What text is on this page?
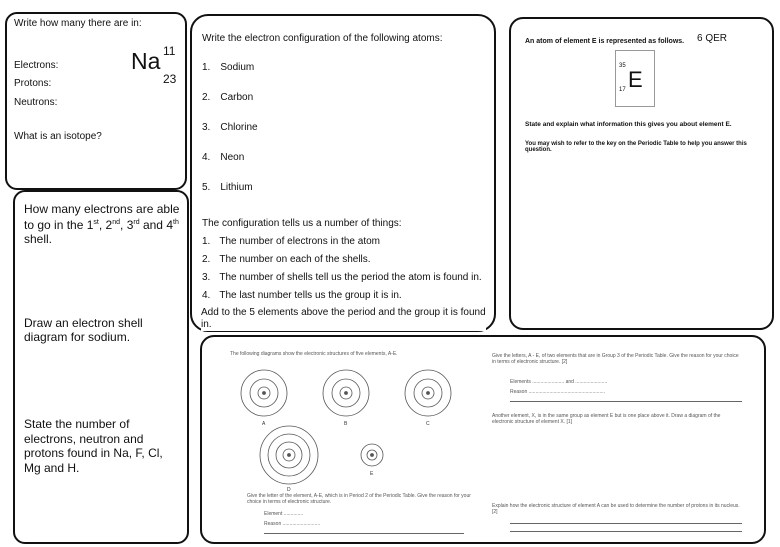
Write how many there are in:
Electrons:
Protons:
Neutrons:
What is an isotope?
Na 11
23
How many electrons are able to go in the 1st, 2nd, 3rd and 4th shell.
Draw an electron shell diagram for sodium.
State the number of electrons, neutron and protons found in Na, F, Cl, Mg and H.
Write the electron configuration of the following atoms:
1. Sodium
2. Carbon
3. Chlorine
4. Neon
5. Lithium
The configuration tells us a number of things:
1. The number of electrons in the atom
2. The number on each of the shells.
3. The number of shells tell us the period the atom is found in.
4. The last number tells us the group it is in.
Add to the 5 elements above the period and the group it is found in.
6 QER
An atom of element E is represented as follows.
35
E
17
State and explain what information this gives you about element E.
You may wish to refer to the key on the Periodic Table to help you answer this question.
The following diagrams show the electronic structures of five elements, A-E.
A	B	C
D
E
Give the letter of the element, A-E, which is in Period 2 of the Periodic Table. Give the reason for your choice in terms of electronic structure.
Element ..............
Reason ...........................
Give the letters, A - E, of two elements that are in Group 3 of the Periodic Table. Give the reason for your choice in terms of electronic structure. [2]
Elements ....................... and .......................
Reason .......................................................
Another element, X, is in the same group as element E but is one place above it. Draw a diagram of the electronic structure of element X. [1]
Explain how the electronic structure of element A can be used to determine the number of protons in its nucleus. [2]
